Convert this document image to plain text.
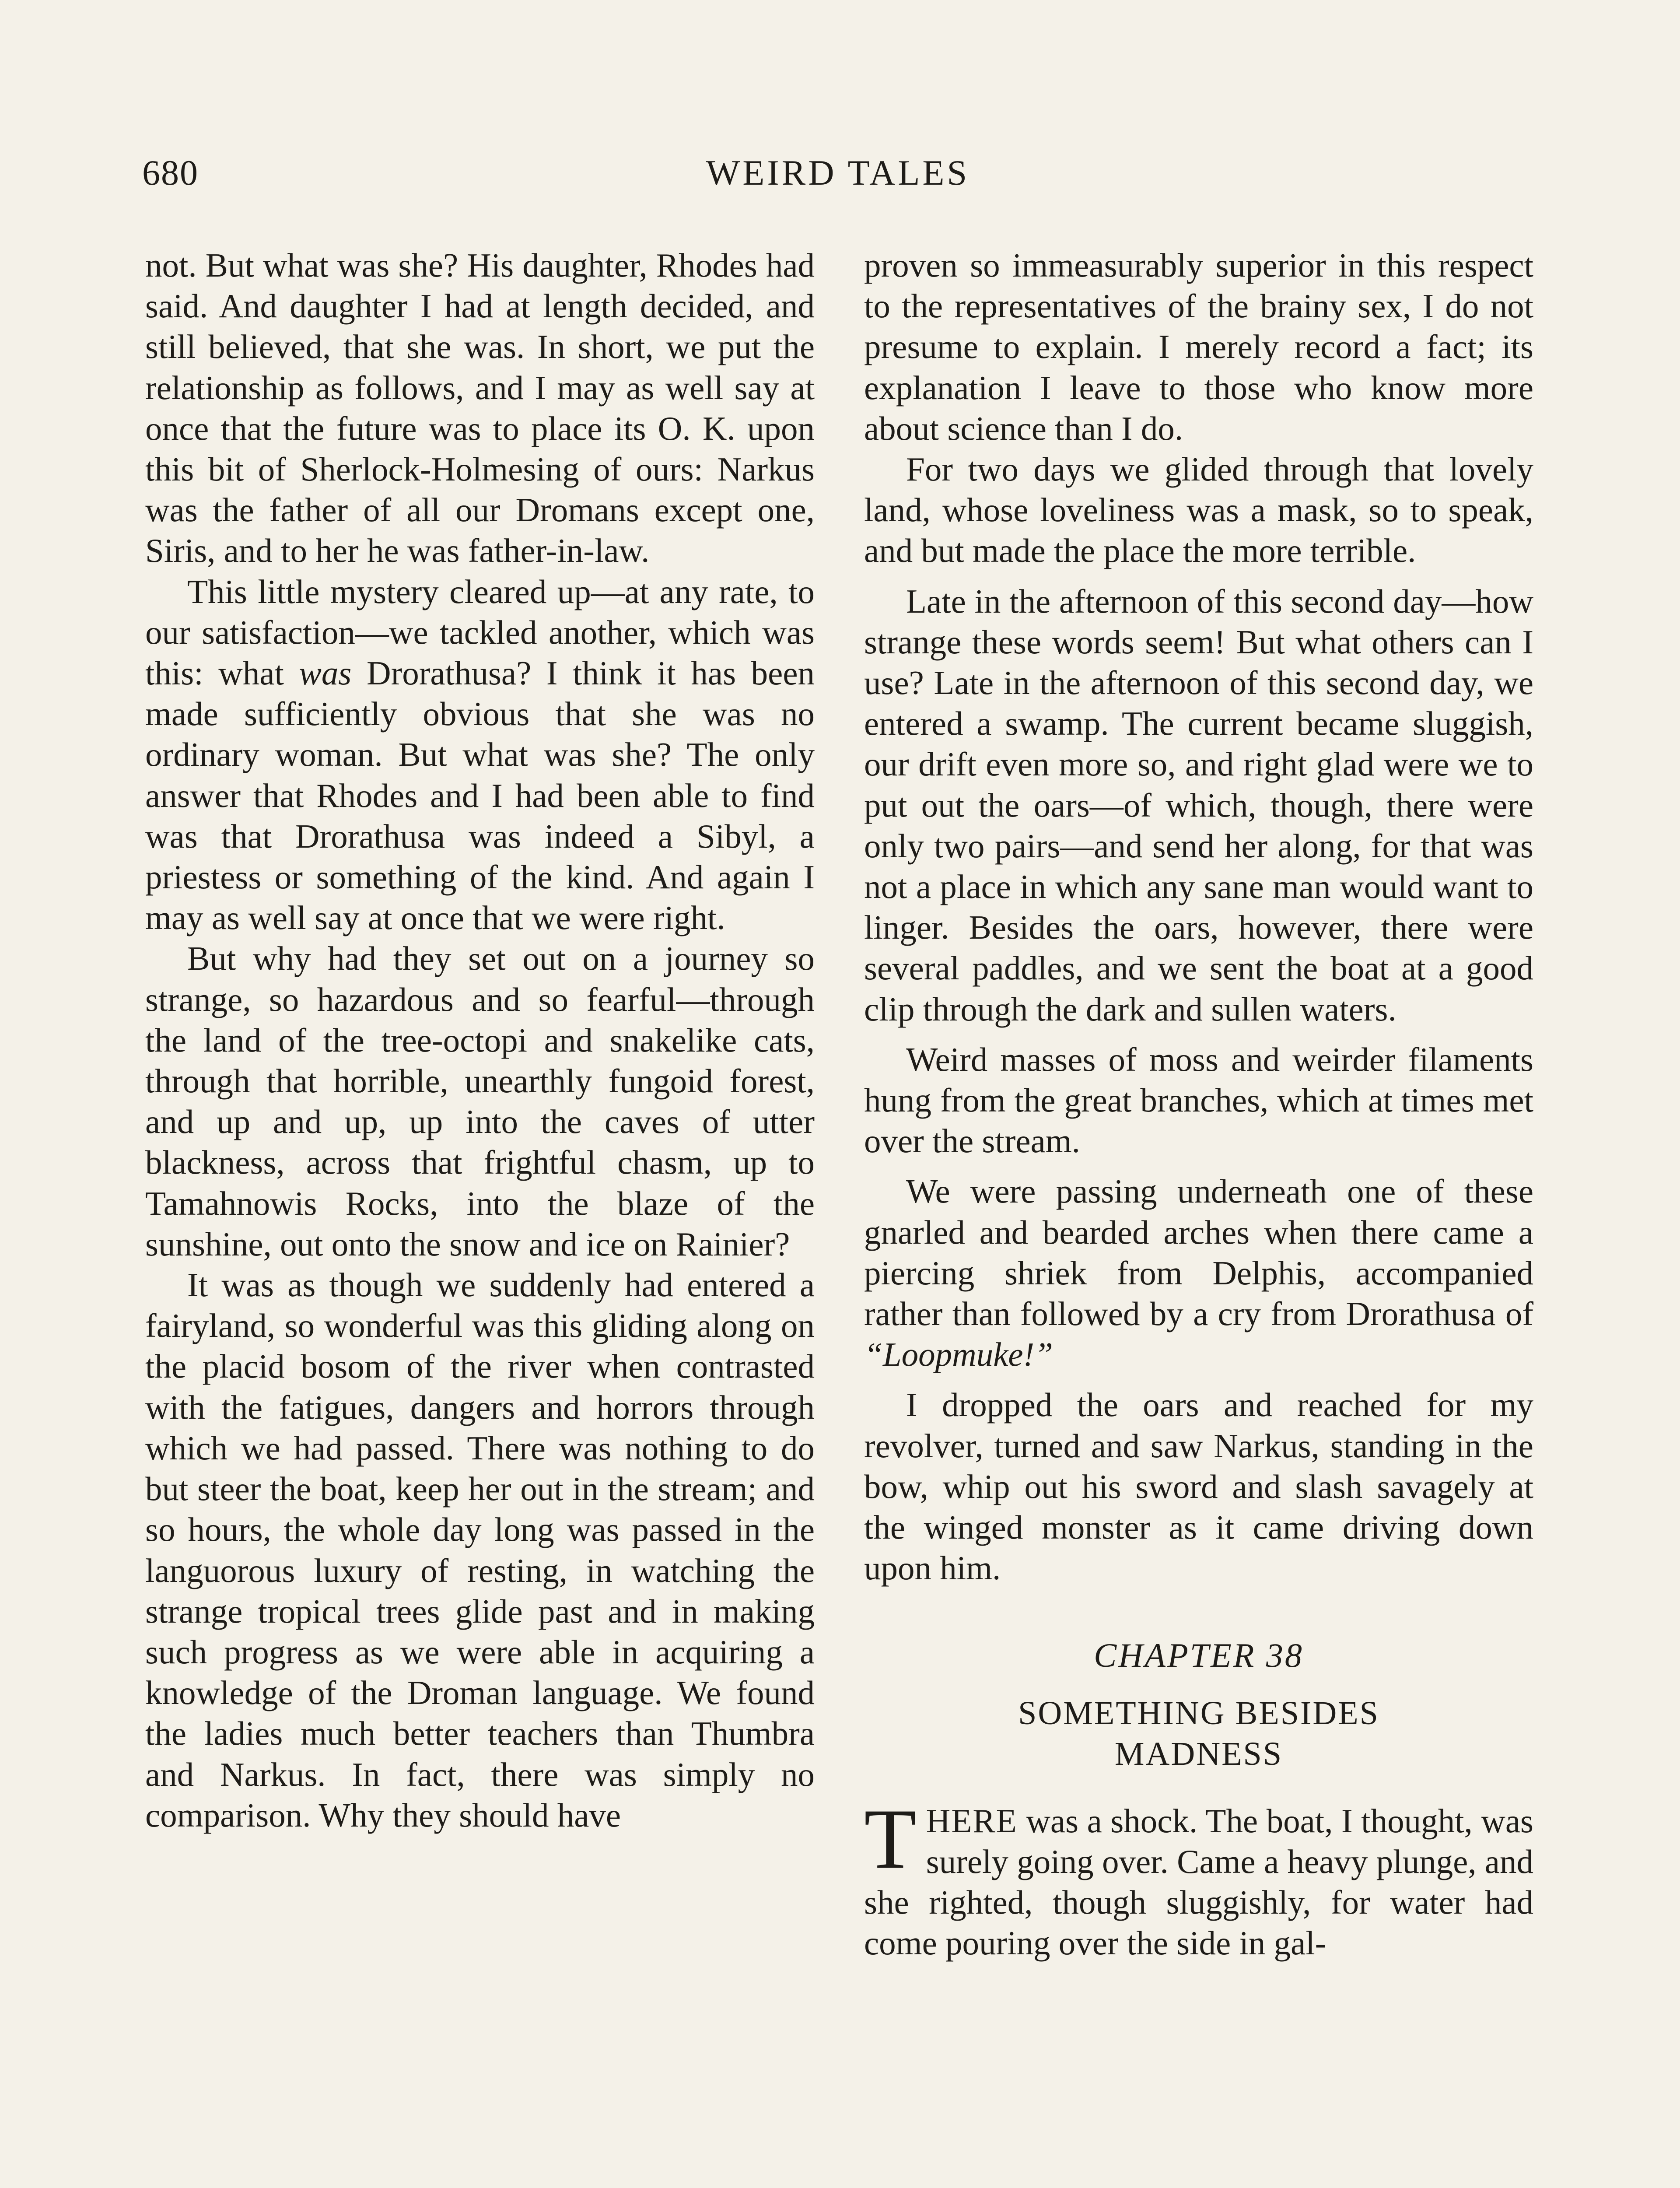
680	WEIRD TALES

not. But what was she? His daughter, Rhodes had said. And daughter I had at length decided, and still believed, that she was. In short, we put the relationship as follows, and I may as well say at once that the future was to place its O. K. upon this bit of Sherlock-Holmesing of ours: Narkus was the father of all our Dromans except one, Siris, and to her he was father-in-law.

This little mystery cleared up—at any rate, to our satisfaction—we tackled another, which was this: what was Drorathusa? I think it has been made sufficiently obvious that she was no ordinary woman. But what was she? The only answer that Rhodes and I had been able to find was that Drorathusa was indeed a Sibyl, a priestess or something of the kind. And again I may as well say at once that we were right.

But why had they set out on a journey so strange, so hazardous and so fearful—through the land of the tree-octopi and snakelike cats, through that horrible, unearthly fungoid forest, and up and up, up into the caves of utter blackness, across that frightful chasm, up to Tamahnowis Rocks, into the blaze of the sunshine, out onto the snow and ice on Rainier?

It was as though we suddenly had entered a fairyland, so wonderful was this gliding along on the placid bosom of the river when contrasted with the fatigues, dangers and horrors through which we had passed. There was nothing to do but steer the boat, keep her out in the stream; and so hours, the whole day long was passed in the languorous luxury of resting, in watching the strange tropical trees glide past and in making such progress as we were able in acquiring a knowledge of the Droman language. We found the ladies much better teachers than Thumbra and Narkus. In fact, there was simply no comparison. Why they should have

proven so immeasurably superior in this respect to the representatives of the brainy sex, I do not presume to explain. I merely record a fact; its explanation I leave to those who know more about science than I do.

For two days we glided through that lovely land, whose loveliness was a mask, so to speak, and but made the place the more terrible.

Late in the afternoon of this second day—how strange these words seem! But what others can I use? Late in the afternoon of this second day, we entered a swamp. The current became sluggish, our drift even more so, and right glad were we to put out the oars—of which, though, there were only two pairs—and send her along, for that was not a place in which any sane man would want to linger. Besides the oars, however, there were several paddles, and we sent the boat at a good clip through the dark and sullen waters.

Weird masses of moss and weirder filaments hung from the great branches, which at times met over the stream.

We were passing underneath one of these gnarled and bearded arches when there came a piercing shriek from Delphis, accompanied rather than followed by a cry from Drorathusa of “Loopmuke!”

I dropped the oars and reached for my revolver, turned and saw Narkus, standing in the bow, whip out his sword and slash savagely at the winged monster as it came driving down upon him.

CHAPTER 38
SOMETHING BESIDES
MADNESS

THERE was a shock. The boat, I thought, was surely going over. Came a heavy plunge, and she righted, though sluggishly, for water had come pouring over the side in gal-
